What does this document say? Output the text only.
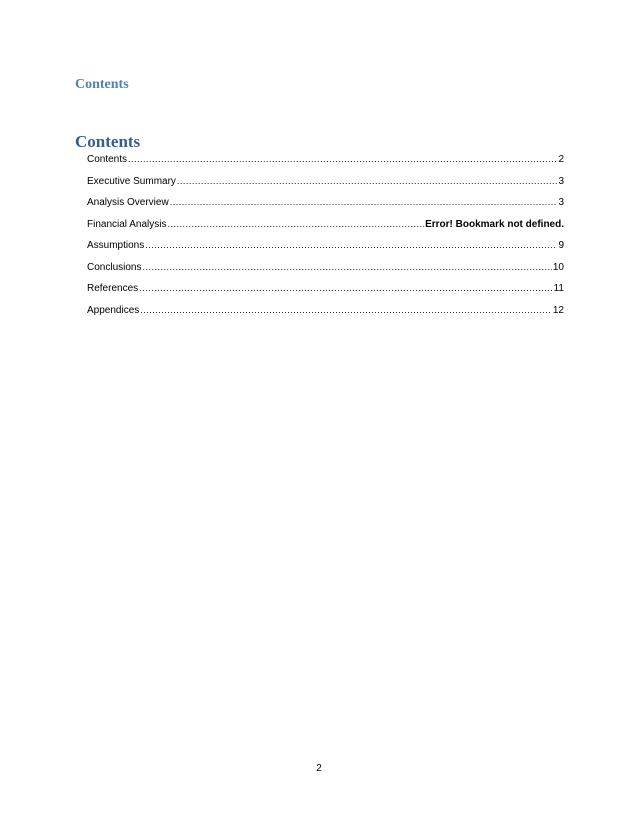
Contents
Contents
Contents .....	2
Executive Summary .....	3
Analysis Overview .....	3
Financial Analysis .....	Error! Bookmark not defined.
Assumptions .....	9
Conclusions .....	10
References .....	11
Appendices .....	12
2
